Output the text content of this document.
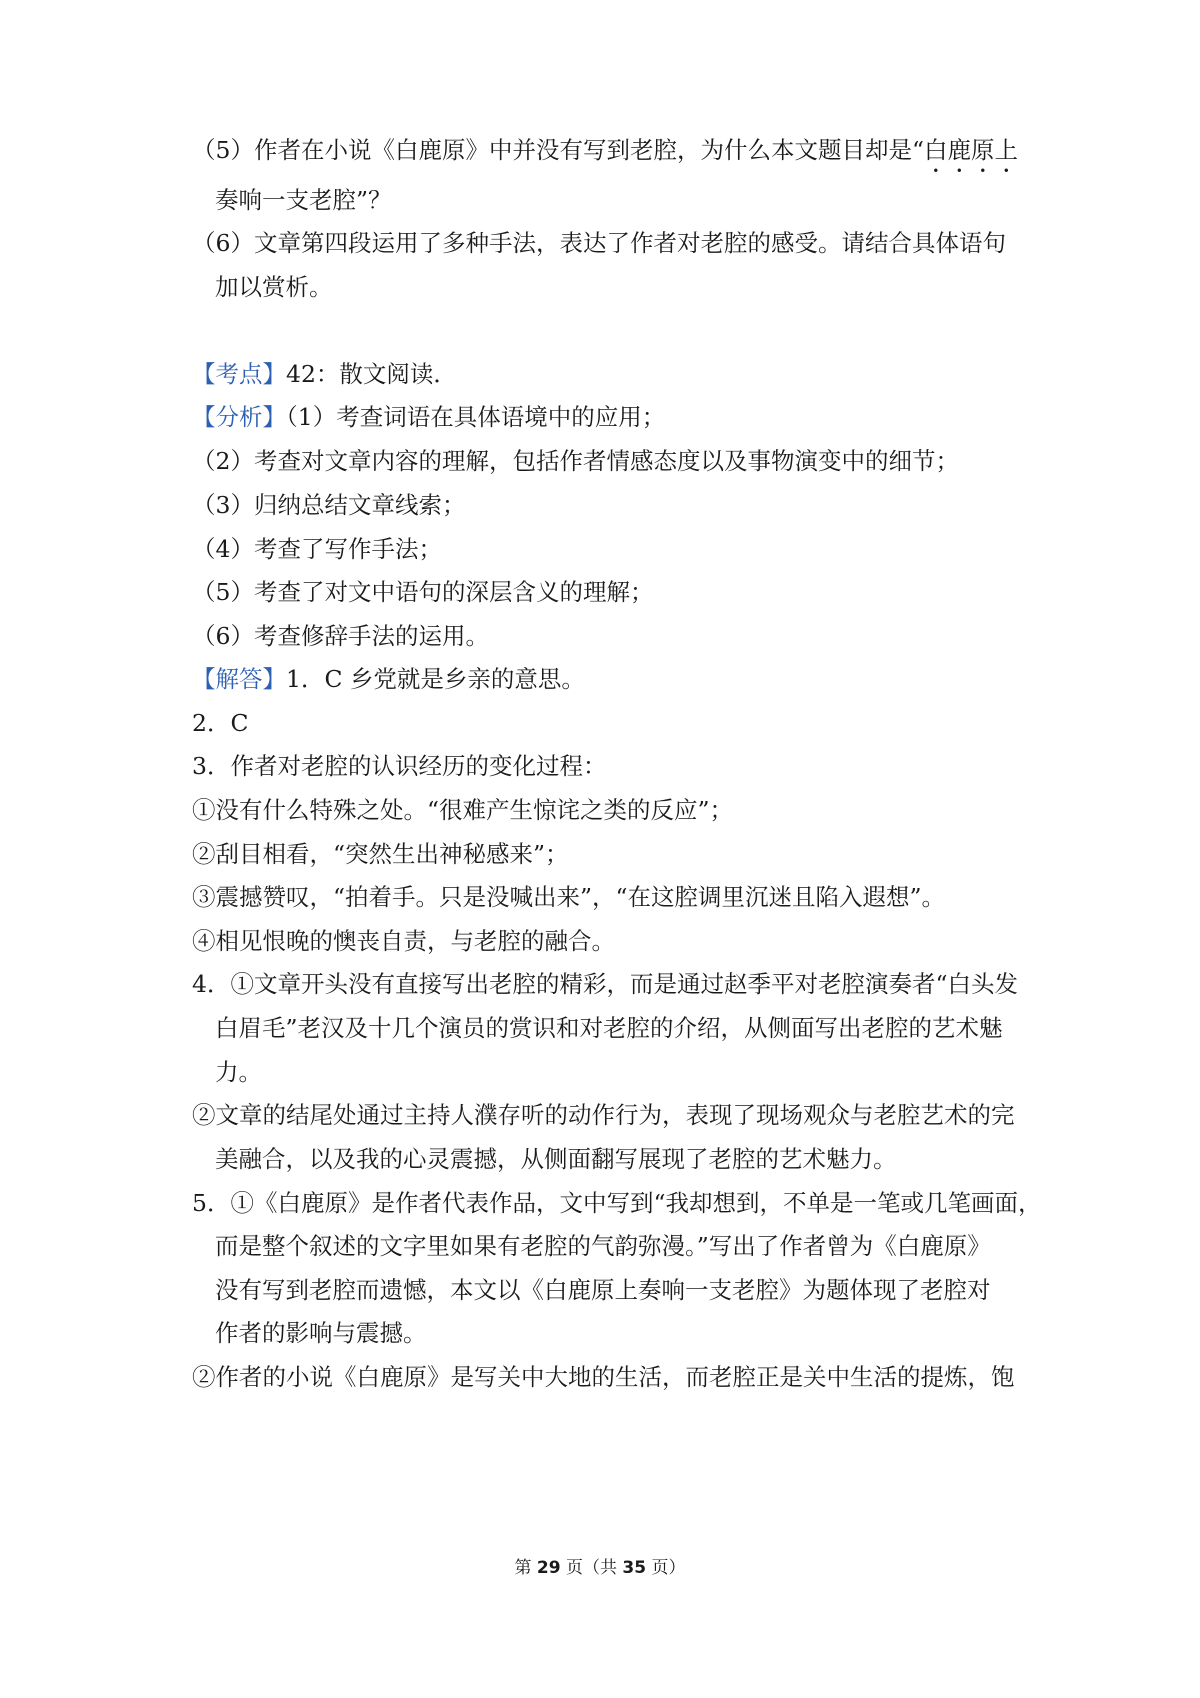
（5）作者在小说《白鹿原》中并没有写到老腔，为什么本文题目却是“白鹿原上
奏响一支老腔”？
（6）文章第四段运用了多种手法，表达了作者对老腔的感受。请结合具体语句
加以赏析。
【考点】42：散文阅读．
【分析】（1）考查词语在具体语境中的应用；
（2）考查对文章内容的理解，包括作者情感态度以及事物演变中的细节；
（3）归纳总结文章线索；
（4）考查了写作手法；
（5）考查了对文中语句的深层含义的理解；
（6）考查修辞手法的运用。
【解答】1．C 乡党就是乡亲的意思。
2．C
3．作者对老腔的认识经历的变化过程：
①没有什么特殊之处。“很难产生惊诧之类的反应”；
②刮目相看，“突然生出神秘感来”；
③震撼赞叹，“拍着手。只是没喊出来”，“在这腔调里沉迷且陷入遐想”。
④相见恨晚的懊丧自责，与老腔的融合。
4．①文章开头没有直接写出老腔的精彩，而是通过赵季平对老腔演奏者“白头发
白眉毛”老汉及十几个演员的赏识和对老腔的介绍，从侧面写出老腔的艺术魅
力。
②文章的结尾处通过主持人濮存听的动作行为，表现了现场观众与老腔艺术的完
美融合，以及我的心灵震撼，从侧面翻写展现了老腔的艺术魅力。
5．①《白鹿原》是作者代表作品，文中写到“我却想到，不单是一笔或几笔画面，
而是整个叙述的文字里如果有老腔的气韵弥漫。”写出了作者曾为《白鹿原》
没有写到老腔而遗憾，本文以《白鹿原上奏响一支老腔》为题体现了老腔对
作者的影响与震撼。
②作者的小说《白鹿原》是写关中大地的生活，而老腔正是关中生活的提炼，饱
第 29 页（共 35 页）
